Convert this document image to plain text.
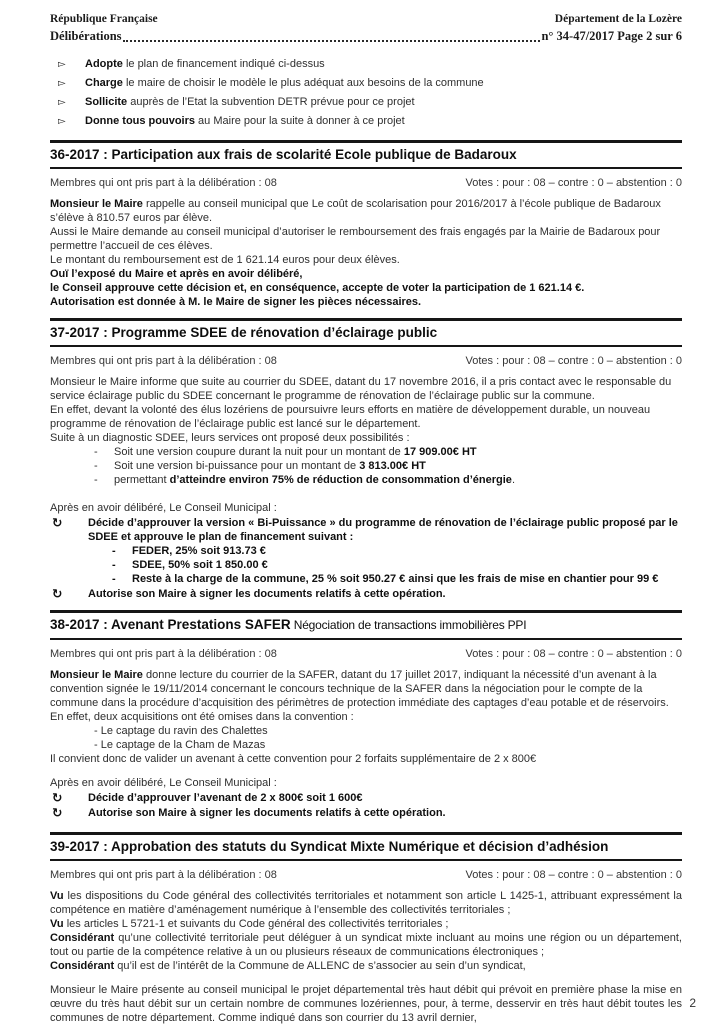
République Française	Département de la Lozère
Délibérations	n° 34-47/2017 Page 2 sur 6
▻	Adopte le plan de financement indiqué ci-dessus
▻	Charge le maire de choisir le modèle le plus adéquat aux besoins de la commune
▻	Sollicite auprès de l’Etat la subvention DETR prévue pour ce projet
▻	Donne tous pouvoirs au Maire pour la suite à donner à ce projet
36-2017 : Participation aux frais de scolarité Ecole publique de Badaroux
Membres qui ont pris part à la délibération : 08	Votes : pour : 08 – contre : 0 – abstention : 0

Monsieur le Maire rappelle au conseil municipal que Le coût de scolarisation pour 2016/2017 à l’école publique de Badaroux s’élève à 810.57 euros par élève.

Aussi le Maire demande au conseil municipal d’autoriser le remboursement des frais engagés par la Mairie de Badaroux pour permettre l’accueil de ces élèves.

Le montant du remboursement est de 1 621.14 euros pour deux élèves.

Ouï l’exposé du Maire et après en avoir délibéré,

le Conseil approuve cette décision et, en conséquence, accepte de voter la participation de 1 621.14 €.

Autorisation est donnée à M. le Maire de signer les pièces nécessaires.

37-2017 : Programme SDEE de rénovation d’éclairage public
Membres qui ont pris part à la délibération : 08	Votes : pour : 08 – contre : 0 – abstention : 0

Monsieur le Maire informe que suite au courrier du SDEE, datant du 17 novembre 2016, il a pris contact avec le responsable du service éclairage public du SDEE concernant le programme de rénovation de l’éclairage public sur la commune.

En effet, devant la volonté des élus lozériens de poursuivre leurs efforts en matière de développement durable, un nouveau programme de rénovation de l’éclairage public est lancé sur le département.

Suite à un diagnostic SDEE, leurs services ont proposé deux possibilités :

-	Soit une version coupure durant la nuit pour un montant de 17 909.00€ HT
-	Soit une version bi-puissance pour un montant de 3 813.00€ HT
-	permettant d’atteindre environ 75% de réduction de consommation d’énergie.

Après en avoir délibéré, Le Conseil Municipal :

↻	Décide d’approuver la version « Bi-Puissance » du programme de rénovation de l’éclairage public proposé par le SDEE et approuve le plan de financement suivant :
-	FEDER, 25% soit 913.73 €
-	SDEE, 50% soit 1 850.00 €
-	Reste à la charge de la commune, 25 % soit 950.27 € ainsi que les frais de mise en chantier pour 99 €
↻	Autorise son Maire à signer les documents relatifs à cette opération.
38-2017 : Avenant Prestations SAFER Négociation de transactions immobilières PPI
Membres qui ont pris part à la délibération : 08	Votes : pour : 08 – contre : 0 – abstention : 0

Monsieur le Maire donne lecture du courrier de la SAFER, datant du 17 juillet 2017, indiquant la nécessité d’un avenant à la convention signée le 19/11/2014 concernant le concours technique de la SAFER dans la négociation pour le compte de la commune dans la procédure d’acquisition des périmètres de protection immédiate des captages d’eau potable et de réservoirs. En effet, deux acquisitions ont été omises dans la convention :

- Le captage du ravin des Chalettes

- Le captage de la Cham de Mazas

Il convient donc de valider un avenant à cette convention pour 2 forfaits supplémentaire de 2 x 800€

Après en avoir délibéré, Le Conseil Municipal :

↻	Décide d’approuver l’avenant de 2 x 800€ soit 1 600€
↻	Autorise son Maire à signer les documents relatifs à cette opération.
39-2017 : Approbation des statuts du Syndicat Mixte Numérique et décision d’adhésion
Membres qui ont pris part à la délibération : 08	Votes : pour : 08 – contre : 0 – abstention : 0

Vu les dispositions du Code général des collectivités territoriales et notamment son article L 1425-1, attribuant expressément la compétence en matière d’aménagement numérique à l’ensemble des collectivités territoriales ;

Vu les articles L 5721-1 et suivants du Code général des collectivités territoriales ;

Considérant qu’une collectivité territoriale peut déléguer à un syndicat mixte incluant au moins une région ou un département, tout ou partie de la compétence relative à un ou plusieurs réseaux de communications électroniques ;

Considérant qu’il est de l’intérêt de la Commune de ALLENC de s’associer au sein d’un syndicat,

Monsieur le Maire présente au conseil municipal le projet départemental très haut débit qui prévoit en première phase la mise en œuvre du très haut débit sur un certain nombre de communes lozériennes, pour, à terme, desservir en très haut débit toutes les communes de notre département. Comme indiqué dans son courrier du 13 avril dernier,

2
